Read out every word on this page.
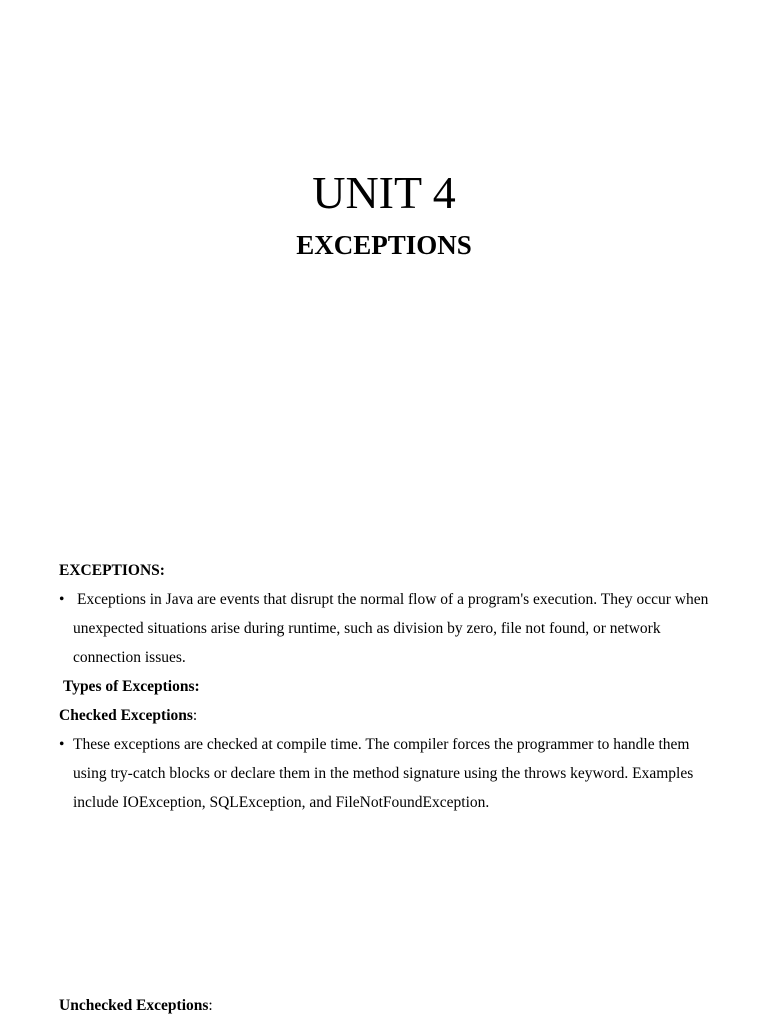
UNIT 4
EXCEPTIONS

EXCEPTIONS:

• Exceptions in Java are events that disrupt the normal flow of a program's execution. They occur when unexpected situations arise during runtime, such as division by zero, file not found, or network connection issues.

Types of Exceptions:

Checked Exceptions:

• These exceptions are checked at compile time. The compiler forces the programmer to handle them using try-catch blocks or declare them in the method signature using the throws keyword. Examples include IOException, SQLException, and FileNotFoundException.

Unchecked Exceptions:
